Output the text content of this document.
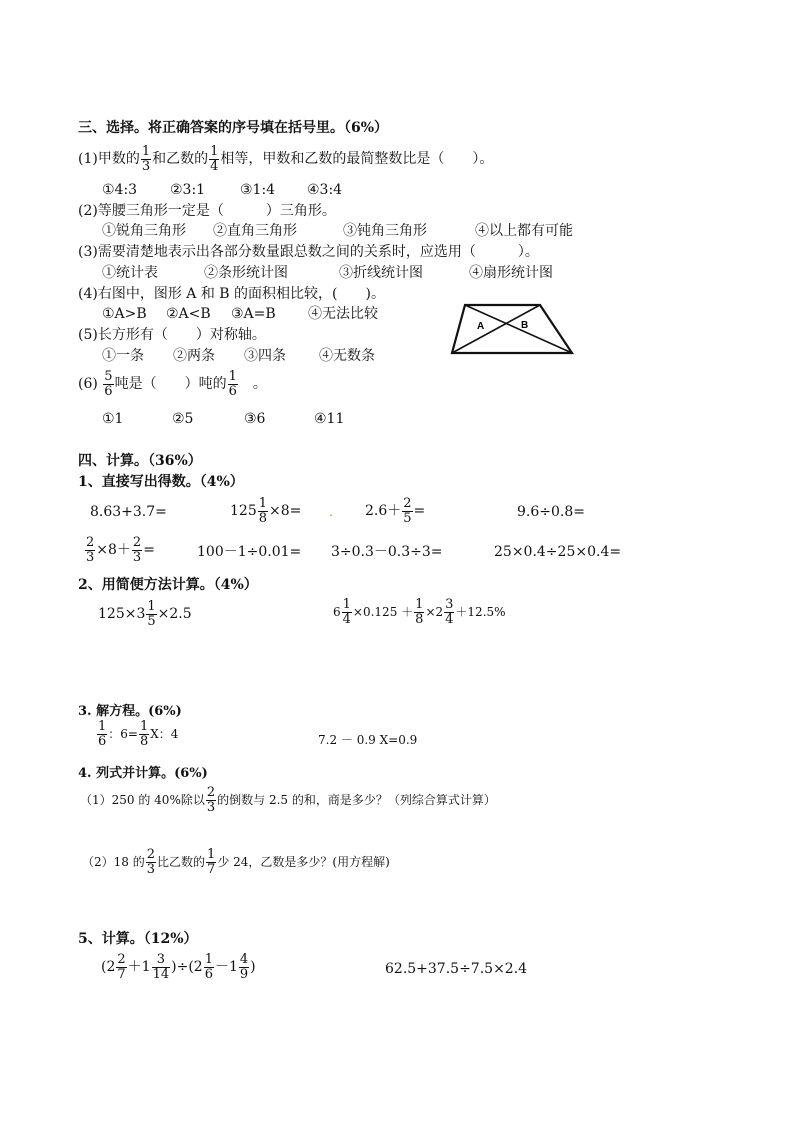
三、选择。将正确答案的序号填在括号里。（6%）
(1)甲数的 $\frac{1}{3}$ 和乙数的 $\frac{1}{4}$ 相等，甲数和乙数的最简整数比是（　　）。
①4:3 ②3:1 ③1:4 ④3:4
(2)等腰三角形一定是（　　　）三角形。
①锐角三角形 ②直角三角形	③钝角三角形	④以上都有可能
(3)需要清楚地表示出各部分数量跟总数之间的关系时，应选用（　　　）。
①统计表	②条形统计图	③折线统计图	④扇形统计图
(4)右图中，图形 A 和 B 的面积相比较，(　　)。
①A>B ②A<B ③A=B ④无法比较
A	B
(5)长方形有（　　）对称轴。
①一条 ②两条 ③四条 ④无数条
$(6) \frac{5}{6}$ 吨是（　　）吨的 $\frac{1}{6}$ 。
①1	②5	③6	④11
四、计算。（36%）
1、直接写出得数。（4%）
8.63+3.7=	$125 \frac{1}{8} \times 8=$ . $2.6+ \frac{2}{5}$ =	9.6÷0.8=
$\frac{2}{3} \times 8+ \frac{2}{3}$ =	100－1÷0.01= 3÷0.3－0.3÷3=	25×0.4÷25×0.4=
2、用简便方法计算。（4%）
$125\times 3 \frac{1}{5} \times 2.5$	$6 \frac{1}{4} \times 0.125 + \frac{1}{8} \times 2 \frac{3}{4} +12.5\%$
3. 解方程。(6%)
$\frac{1}{6}$ ：$6= \frac{1}{8}$ X：4	7.2 － 0.9 X=0.9
4. 列式并计算。(6%)
（1）250 的 40%除以 $\frac{2}{3}$ 的倒数与 2.5 的和，商是多少？（列综合算式计算）
（2）18 的 $\frac{2}{3}$ 比乙数的 $\frac{1}{7}$ 少 24，乙数是多少？(用方程解)
5、计算。（12%）
$(2 \frac{2}{7} +1 \frac{3}{14} )\div(2 \frac{1}{6} -1 \frac{4}{9}$ )	62.5+37.5÷7.5×2.4
